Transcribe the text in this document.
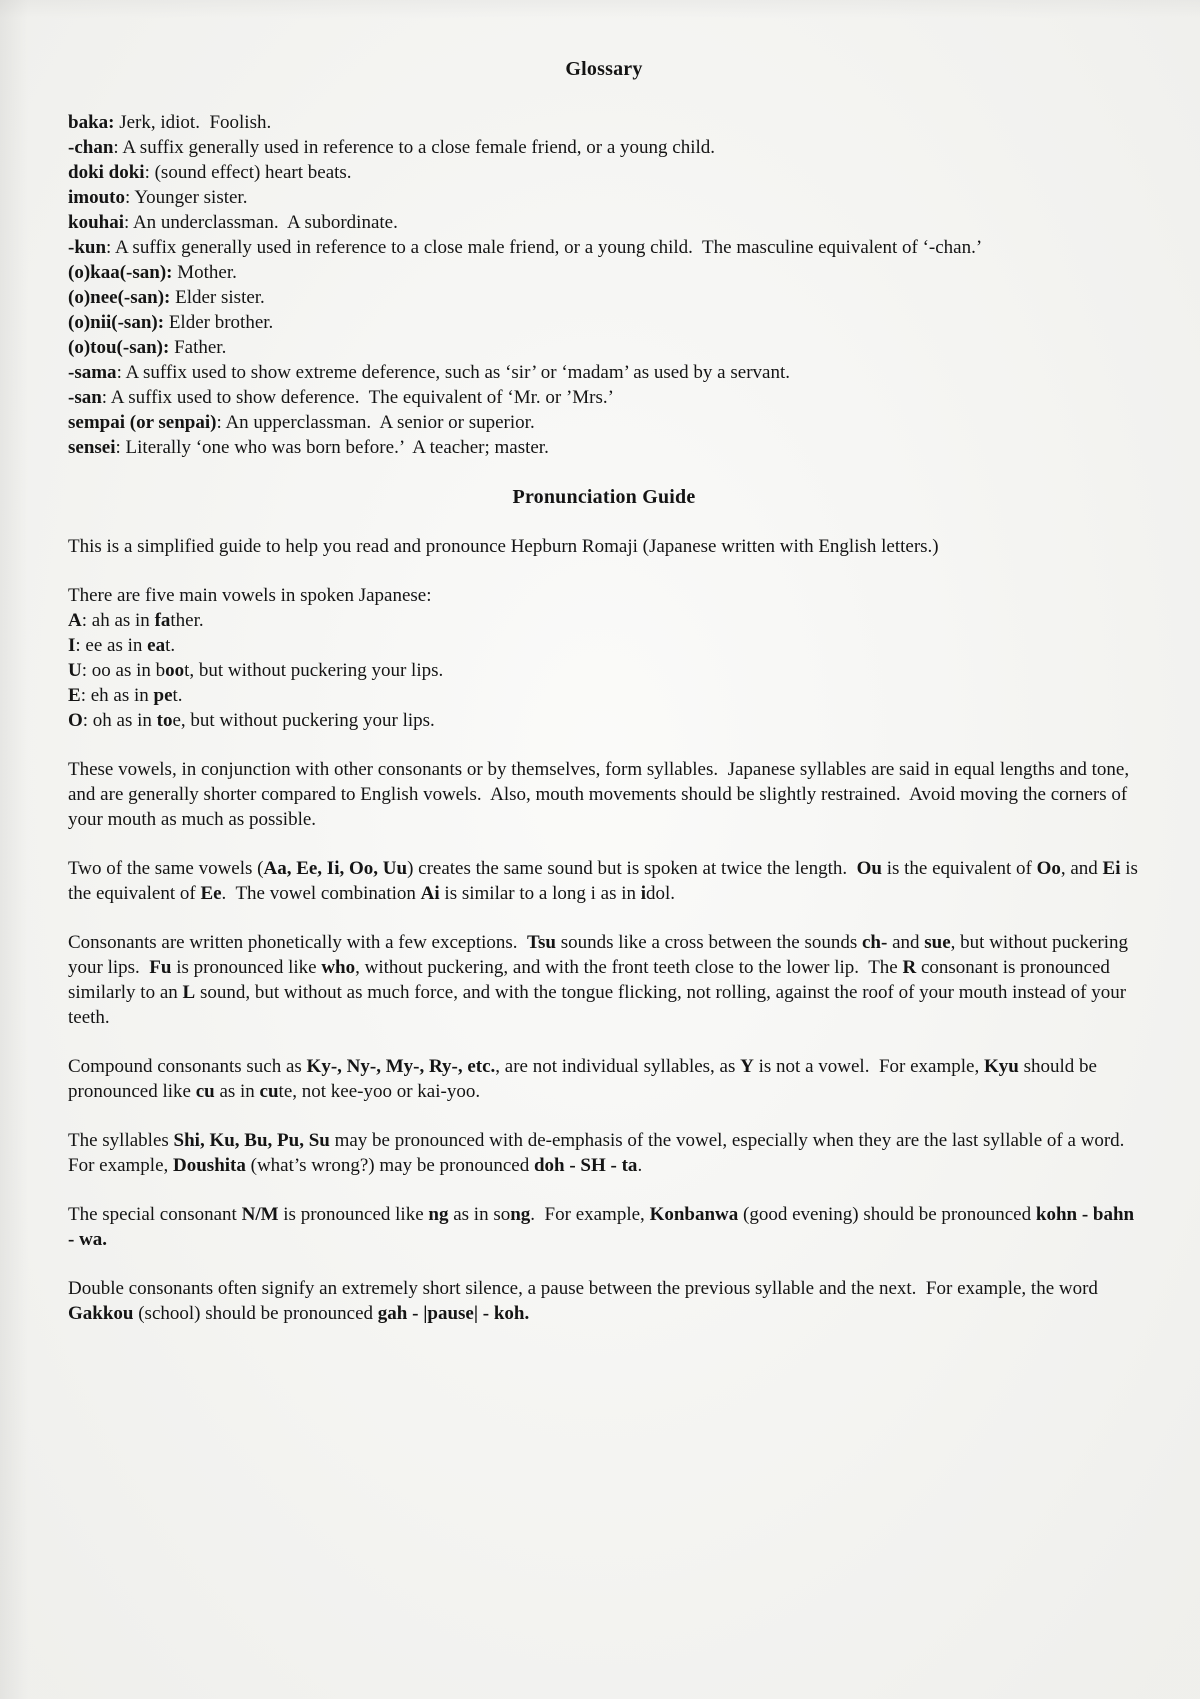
Glossary
baka: Jerk, idiot.  Foolish.
-chan: A suffix generally used in reference to a close female friend, or a young child.
doki doki: (sound effect) heart beats.
imouto: Younger sister.
kouhai: An underclassman.  A subordinate.
-kun: A suffix generally used in reference to a close male friend, or a young child.  The masculine equivalent of ‘-chan.’
(o)kaa(-san): Mother.
(o)nee(-san): Elder sister.
(o)nii(-san): Elder brother.
(o)tou(-san): Father.
-sama: A suffix used to show extreme deference, such as ‘sir’ or ‘madam’ as used by a servant.
-san: A suffix used to show deference.  The equivalent of ‘Mr. or ’Mrs.’
sempai (or senpai): An upperclassman.  A senior or superior.
sensei: Literally ‘one who was born before.’  A teacher; master.
Pronunciation Guide
This is a simplified guide to help you read and pronounce Hepburn Romaji (Japanese written with English letters.)
There are five main vowels in spoken Japanese:
A: ah as in father.
I: ee as in eat.
U: oo as in boot, but without puckering your lips.
E: eh as in pet.
O: oh as in toe, but without puckering your lips.
These vowels, in conjunction with other consonants or by themselves, form syllables.  Japanese syllables are said in equal lengths and tone, and are generally shorter compared to English vowels.  Also, mouth movements should be slightly restrained.  Avoid moving the corners of your mouth as much as possible.
Two of the same vowels (Aa, Ee, Ii, Oo, Uu) creates the same sound but is spoken at twice the length.  Ou is the equivalent of Oo, and Ei is the equivalent of Ee.  The vowel combination Ai is similar to a long i as in idol.
Consonants are written phonetically with a few exceptions.  Tsu sounds like a cross between the sounds ch- and sue, but without puckering your lips.  Fu is pronounced like who, without puckering, and with the front teeth close to the lower lip.  The R consonant is pronounced similarly to an L sound, but without as much force, and with the tongue flicking, not rolling, against the roof of your mouth instead of your teeth.
Compound consonants such as Ky-, Ny-, My-, Ry-, etc., are not individual syllables, as Y is not a vowel.  For example, Kyu should be pronounced like cu as in cute, not kee-yoo or kai-yoo.
The syllables Shi, Ku, Bu, Pu, Su may be pronounced with de-emphasis of the vowel, especially when they are the last syllable of a word.  For example, Doushita (what’s wrong?) may be pronounced doh - SH - ta.
The special consonant N/M is pronounced like ng as in song.  For example, Konbanwa (good evening) should be pronounced kohn - bahn - wa.
Double consonants often signify an extremely short silence, a pause between the previous syllable and the next.  For example, the word Gakkou (school) should be pronounced gah - |pause| - koh.
